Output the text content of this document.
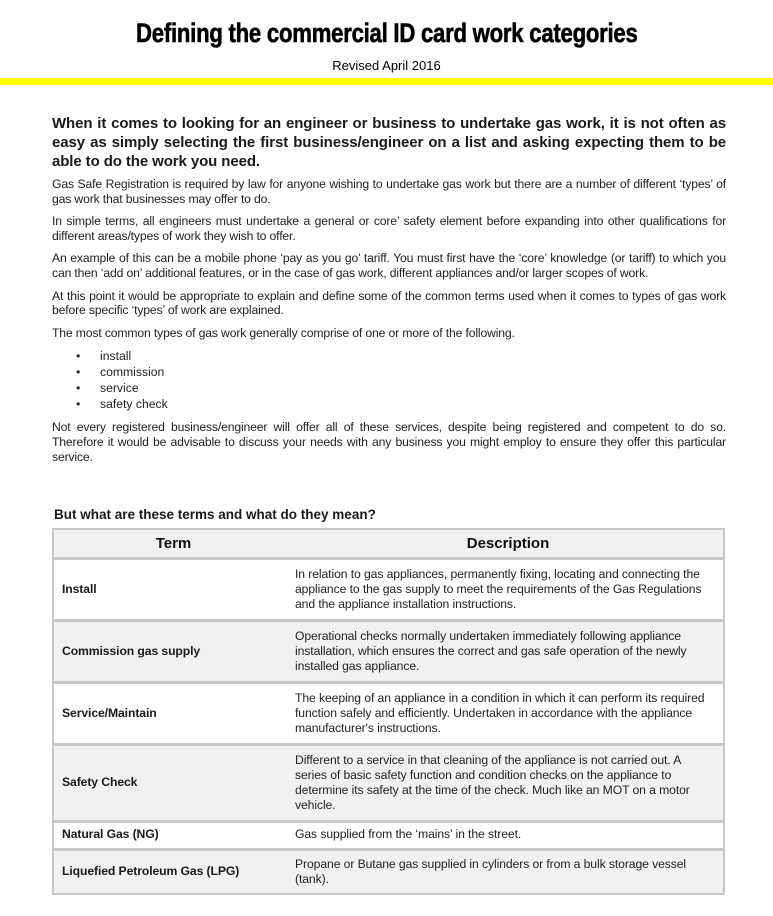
Defining the commercial ID card work categories
Revised April 2016

When it comes to looking for an engineer or business to undertake gas work, it is not often as easy as simply selecting the first business/engineer on a list and asking expecting them to be able to do the work you need.

Gas Safe Registration is required by law for anyone wishing to undertake gas work but there are a number of different ‘types’ of gas work that businesses may offer to do.

In simple terms, all engineers must undertake a general or core’ safety element before expanding into other qualifications for different areas/types of work they wish to offer.

An example of this can be a mobile phone ‘pay as you go’ tariff. You must first have the ‘core’ knowledge (or tariff) to which you can then ‘add on’ additional features, or in the case of gas work, different appliances and/or larger scopes of work.

At this point it would be appropriate to explain and define some of the common terms used when it comes to types of gas work before specific ‘types’ of work are explained.

The most common types of gas work generally comprise of one or more of the following.

• install
• commission
• service
• safety check

Not every registered business/engineer will offer all of these services, despite being registered and competent to do so. Therefore it would be advisable to discuss your needs with any business you might employ to ensure they offer this particular service.

But what are these terms and what do they mean?
Term	Description
Install	In relation to gas appliances, permanently fixing, locating and connecting the appliance to the gas supply to meet the requirements of the Gas Regulations and the appliance installation instructions.
Commission gas supply	Operational checks normally undertaken immediately following appliance installation, which ensures the correct and gas safe operation of the newly installed gas appliance.
Service/Maintain	The keeping of an appliance in a condition in which it can perform its required function safely and efficiently. Undertaken in accordance with the appliance manufacturer's instructions.
Safety Check	Different to a service in that cleaning of the appliance is not carried out. A series of basic safety function and condition checks on the appliance to determine its safety at the time of the check. Much like an MOT on a motor vehicle.
Natural Gas (NG)	Gas supplied from the ‘mains’ in the street.
Liquefied Petroleum Gas (LPG)	Propane or Butane gas supplied in cylinders or from a bulk storage vessel (tank).
